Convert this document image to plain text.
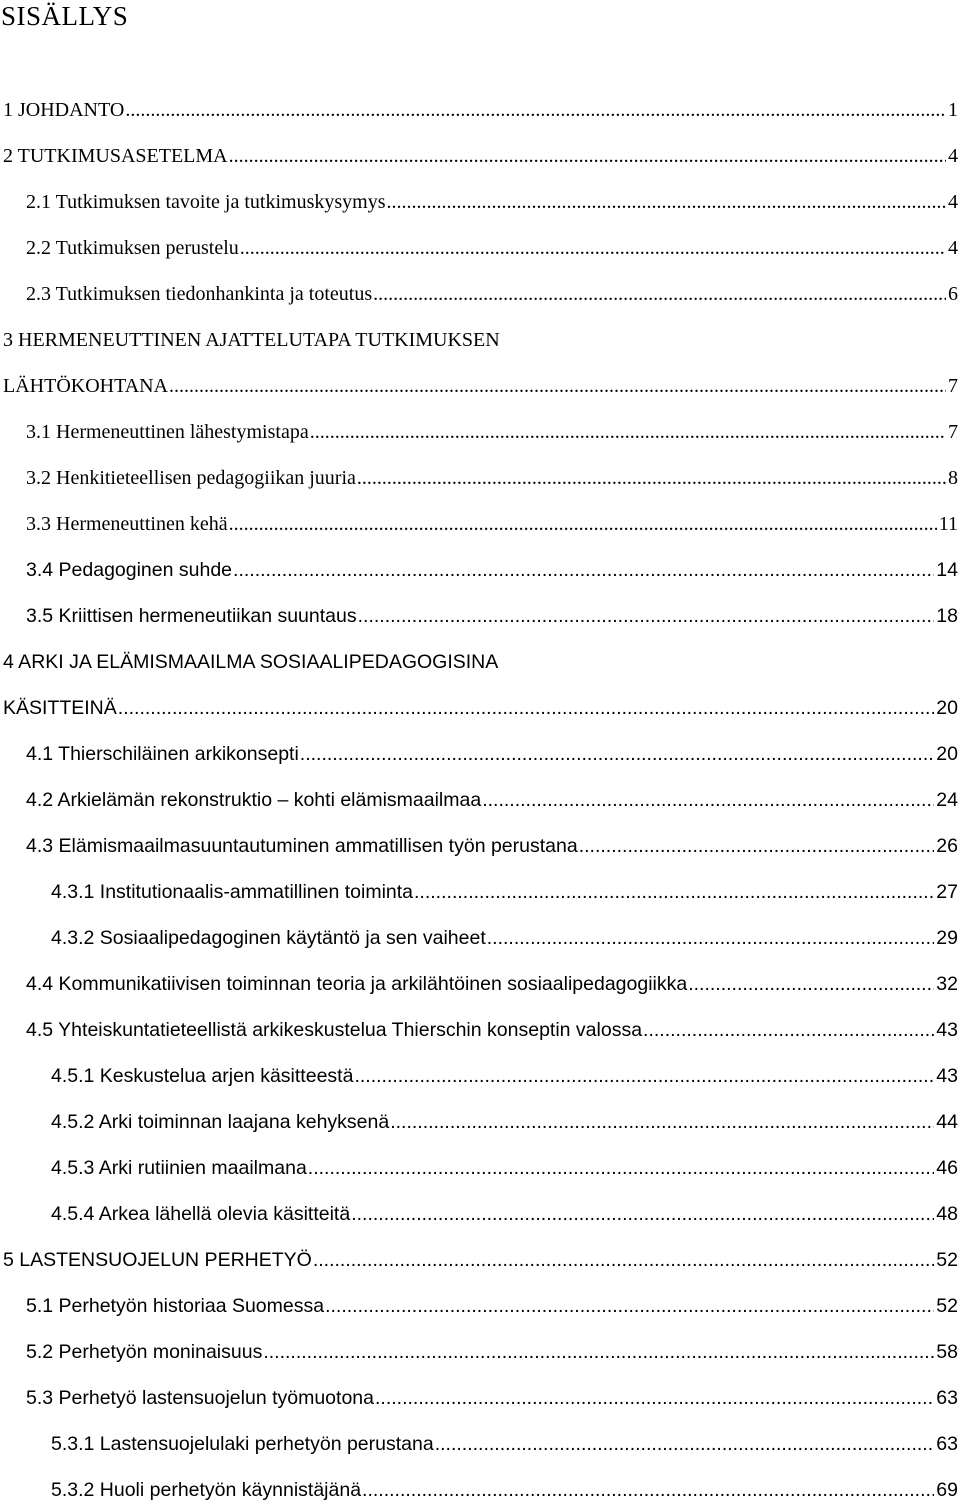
SISÄLLYS
1 JOHDANTO .....	1
2 TUTKIMUSASETELMA .....	4
2.1 Tutkimuksen tavoite ja tutkimuskysymys .....	4
2.2 Tutkimuksen perustelu .....	4
2.3 Tutkimuksen tiedonhankinta ja toteutus .....	6
3 HERMENEUTTINEN AJATTELUTAPA TUTKIMUKSEN
LÄHTÖKOHTANA .....	7
3.1 Hermeneuttinen lähestymistapa .....	7
3.2 Henkitieteellisen pedagogiikan juuria .....	8
3.3 Hermeneuttinen kehä .....	11
3.4 Pedagoginen suhde .....	14
3.5 Kriittisen hermeneutiikan suuntaus .....	18
4 ARKI JA ELÄMISMAAILMA SOSIAALIPEDAGOGISINA
KÄSITTEINÄ .....	20
4.1 Thierschiläinen arkikonsepti .....	20
4.2 Arkielämän rekonstruktio – kohti elämismaailmaa .....	24
4.3 Elämismaailmasuuntautuminen ammatillisen työn perustana .....	26
4.3.1 Institutionaalis-ammatillinen toiminta .....	27
4.3.2 Sosiaalipedagoginen käytäntö ja sen vaiheet .....	29
4.4 Kommunikatiivisen toiminnan teoria ja arkilähtöinen sosiaalipedagogiikka .....	32
4.5 Yhteiskuntatieteellistä arkikeskustelua Thierschin konseptin valossa .....	43
4.5.1 Keskustelua arjen käsitteestä .....	43
4.5.2 Arki toiminnan laajana kehyksenä .....	44
4.5.3 Arki rutiinien maailmana .....	46
4.5.4 Arkea lähellä olevia käsitteitä .....	48
5 LASTENSUOJELUN PERHETYÖ .....	52
5.1 Perhetyön historiaa Suomessa .....	52
5.2 Perhetyön moninaisuus .....	58
5.3 Perhetyö lastensuojelun työmuotona .....	63
5.3.1 Lastensuojelulaki perhetyön perustana .....	63
5.3.2 Huoli perhetyön käynnistäjänä .....	69
